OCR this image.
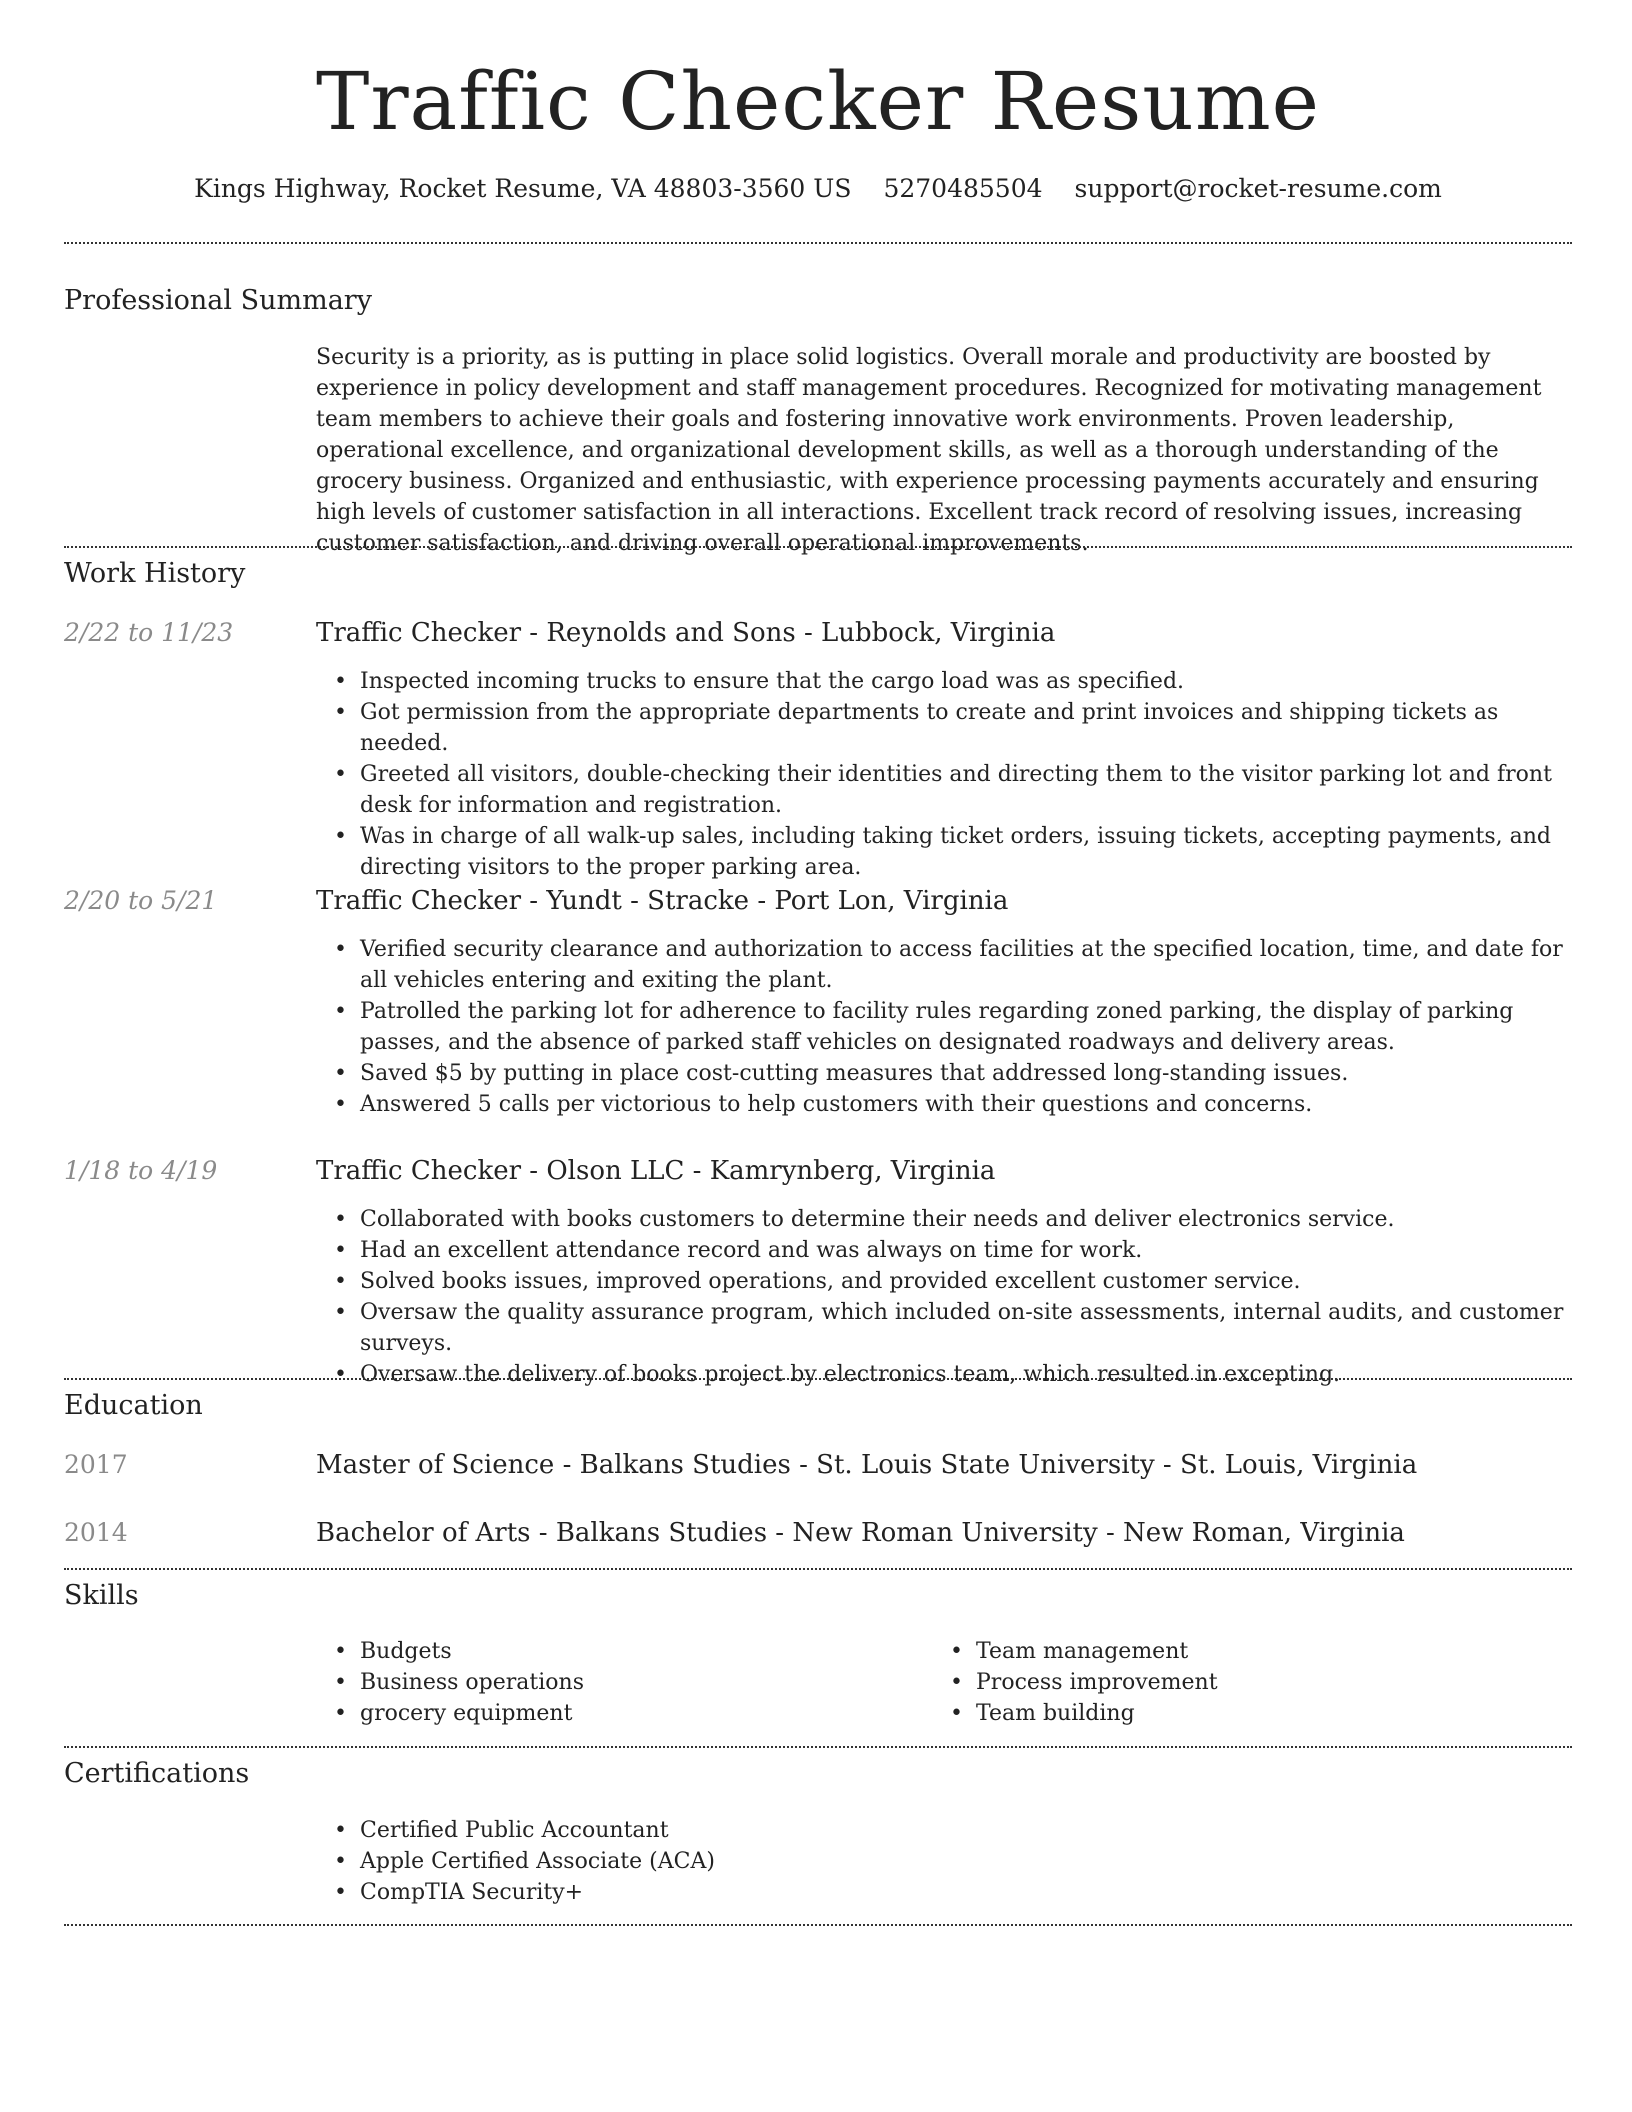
Traffic Checker Resume
Kings Highway, Rocket Resume, VA 48803-3560 US 5270485504 support@rocket-resume.com
Professional Summary
Security is a priority, as is putting in place solid logistics. Overall morale and productivity are boosted by experience in policy development and staff management procedures. Recognized for motivating management team members to achieve their goals and fostering innovative work environments. Proven leadership, operational excellence, and organizational development skills, as well as a thorough understanding of the grocery business. Organized and enthusiastic, with experience processing payments accurately and ensuring high levels of customer satisfaction in all interactions. Excellent track record of resolving issues, increasing customer satisfaction, and driving overall operational improvements.
Work History
2/22 to 11/23	Traffic Checker - Reynolds and Sons - Lubbock, Virginia
• Inspected incoming trucks to ensure that the cargo load was as specified.
• Got permission from the appropriate departments to create and print invoices and shipping tickets as needed.
• Greeted all visitors, double-checking their identities and directing them to the visitor parking lot and front desk for information and registration.
• Was in charge of all walk-up sales, including taking ticket orders, issuing tickets, accepting payments, and directing visitors to the proper parking area.
2/20 to 5/21	Traffic Checker - Yundt - Stracke - Port Lon, Virginia
• Verified security clearance and authorization to access facilities at the specified location, time, and date for all vehicles entering and exiting the plant.
• Patrolled the parking lot for adherence to facility rules regarding zoned parking, the display of parking passes, and the absence of parked staff vehicles on designated roadways and delivery areas.
• Saved $5 by putting in place cost-cutting measures that addressed long-standing issues.
• Answered 5 calls per victorious to help customers with their questions and concerns.
1/18 to 4/19	Traffic Checker - Olson LLC - Kamrynberg, Virginia
• Collaborated with books customers to determine their needs and deliver electronics service.
• Had an excellent attendance record and was always on time for work.
• Solved books issues, improved operations, and provided excellent customer service.
• Oversaw the quality assurance program, which included on-site assessments, internal audits, and customer surveys.
• Oversaw the delivery of books project by electronics team, which resulted in excepting.
Education
2017	Master of Science - Balkans Studies - St. Louis State University - St. Louis, Virginia
2014	Bachelor of Arts - Balkans Studies - New Roman University - New Roman, Virginia
Skills
• Budgets
• Business operations
• grocery equipment
• Team management
• Process improvement
• Team building
Certifications
• Certified Public Accountant
• Apple Certified Associate (ACA)
• CompTIA Security+
